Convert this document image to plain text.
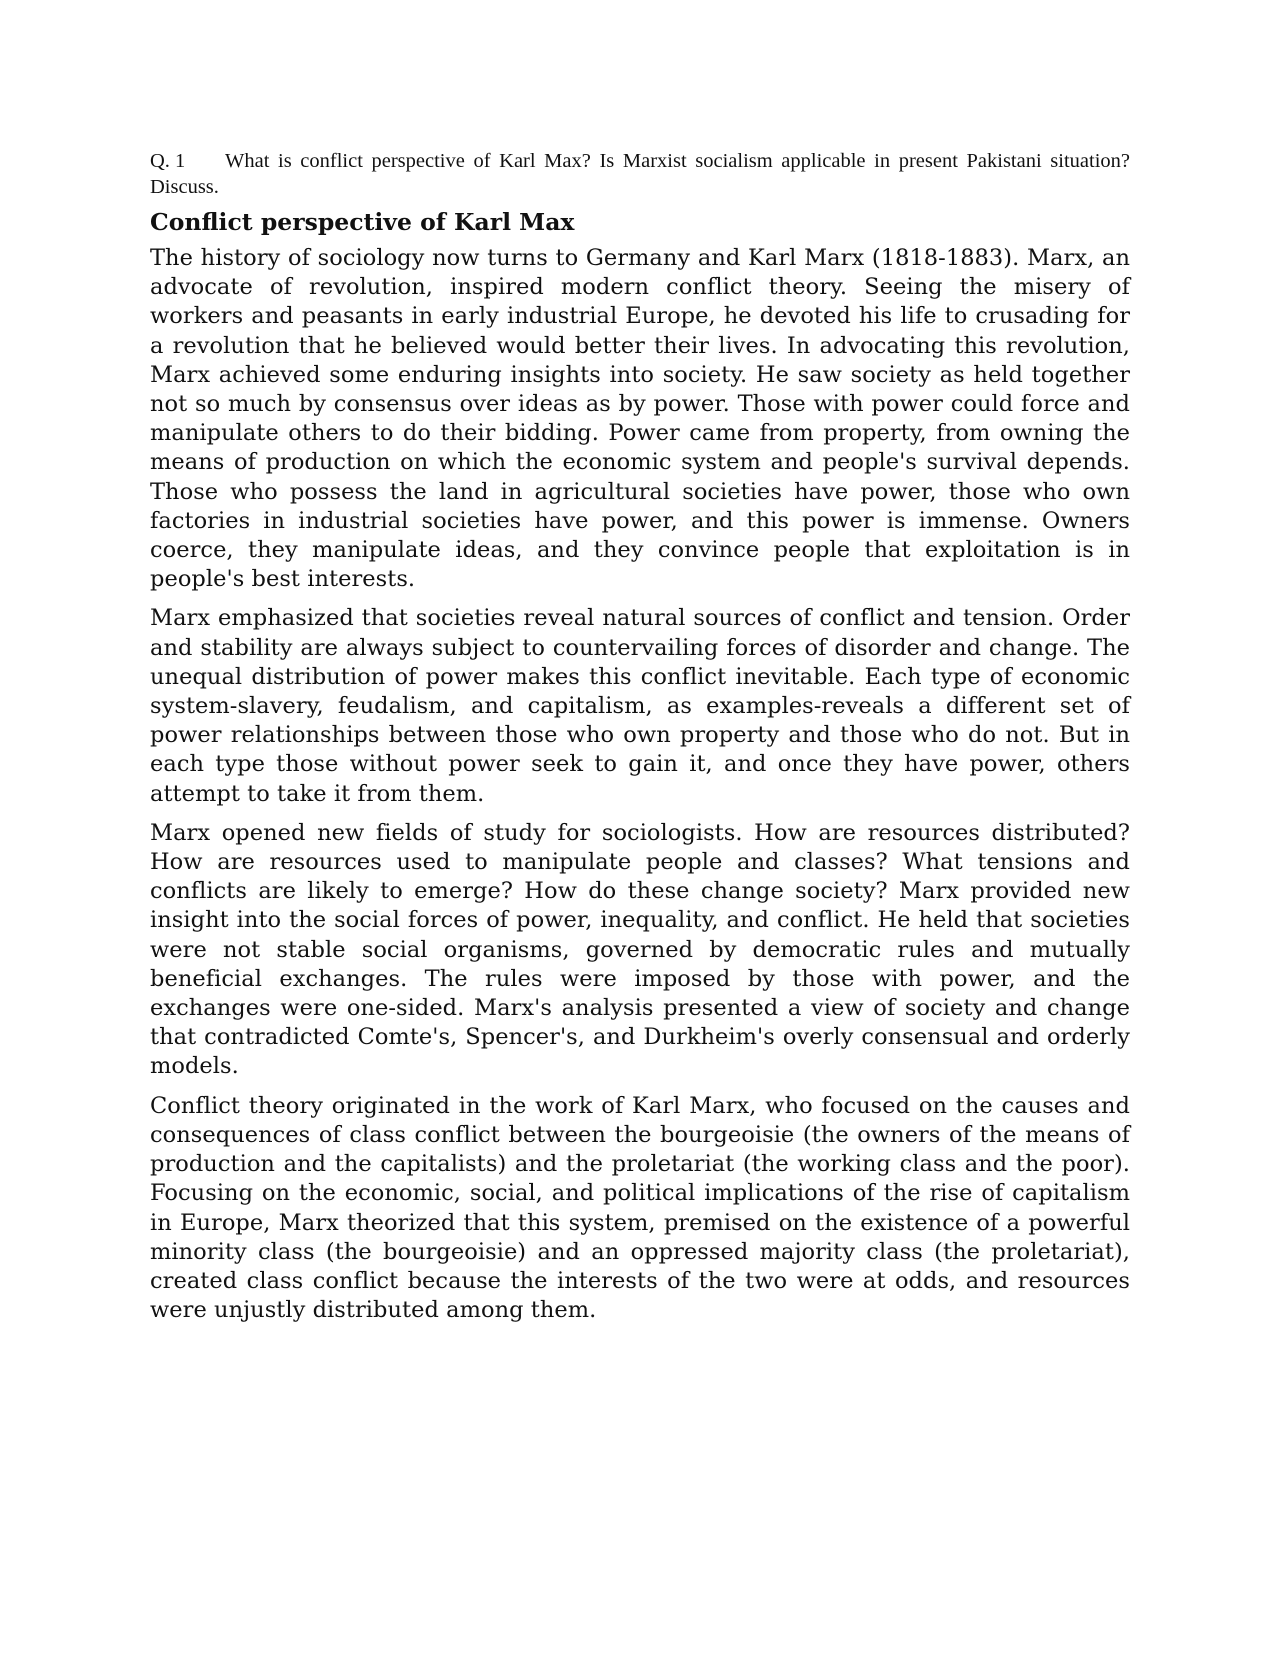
Q. 1 What is conflict perspective of Karl Max? Is Marxist socialism applicable in present Pakistani situation? Discuss.

Conflict perspective of Karl Max

The history of sociology now turns to Germany and Karl Marx (1818-1883). Marx, an advocate of revolution, inspired modern conflict theory. Seeing the misery of workers and peasants in early industrial Europe, he devoted his life to crusading for a revolution that he believed would better their lives. In advocating this revolution, Marx achieved some enduring insights into society. He saw society as held together not so much by consensus over ideas as by power. Those with power could force and manipulate others to do their bidding. Power came from property, from owning the means of production on which the economic system and people's survival depends. Those who possess the land in agricultural societies have power, those who own factories in industrial societies have power, and this power is immense. Owners coerce, they manipulate ideas, and they convince people that exploitation is in people's best interests.

Marx emphasized that societies reveal natural sources of conflict and tension. Order and stability are always subject to countervailing forces of disorder and change. The unequal distribution of power makes this conflict inevitable. Each type of economic system-slavery, feudalism, and capitalism, as examples-reveals a different set of power relationships between those who own property and those who do not. But in each type those without power seek to gain it, and once they have power, others attempt to take it from them.

Marx opened new fields of study for sociologists. How are resources distributed? How are resources used to manipulate people and classes? What tensions and conflicts are likely to emerge? How do these change society? Marx provided new insight into the social forces of power, inequality, and conflict. He held that societies were not stable social organisms, governed by democratic rules and mutually beneficial exchanges. The rules were imposed by those with power, and the exchanges were one-sided. Marx's analysis presented a view of society and change that contradicted Comte's, Spencer's, and Durkheim's overly consensual and orderly models.

Conflict theory originated in the work of Karl Marx, who focused on the causes and consequences of class conflict between the bourgeoisie (the owners of the means of production and the capitalists) and the proletariat (the working class and the poor). Focusing on the economic, social, and political implications of the rise of capitalism in Europe, Marx theorized that this system, premised on the existence of a powerful minority class (the bourgeoisie) and an oppressed majority class (the proletariat), created class conflict because the interests of the two were at odds, and resources were unjustly distributed among them.
